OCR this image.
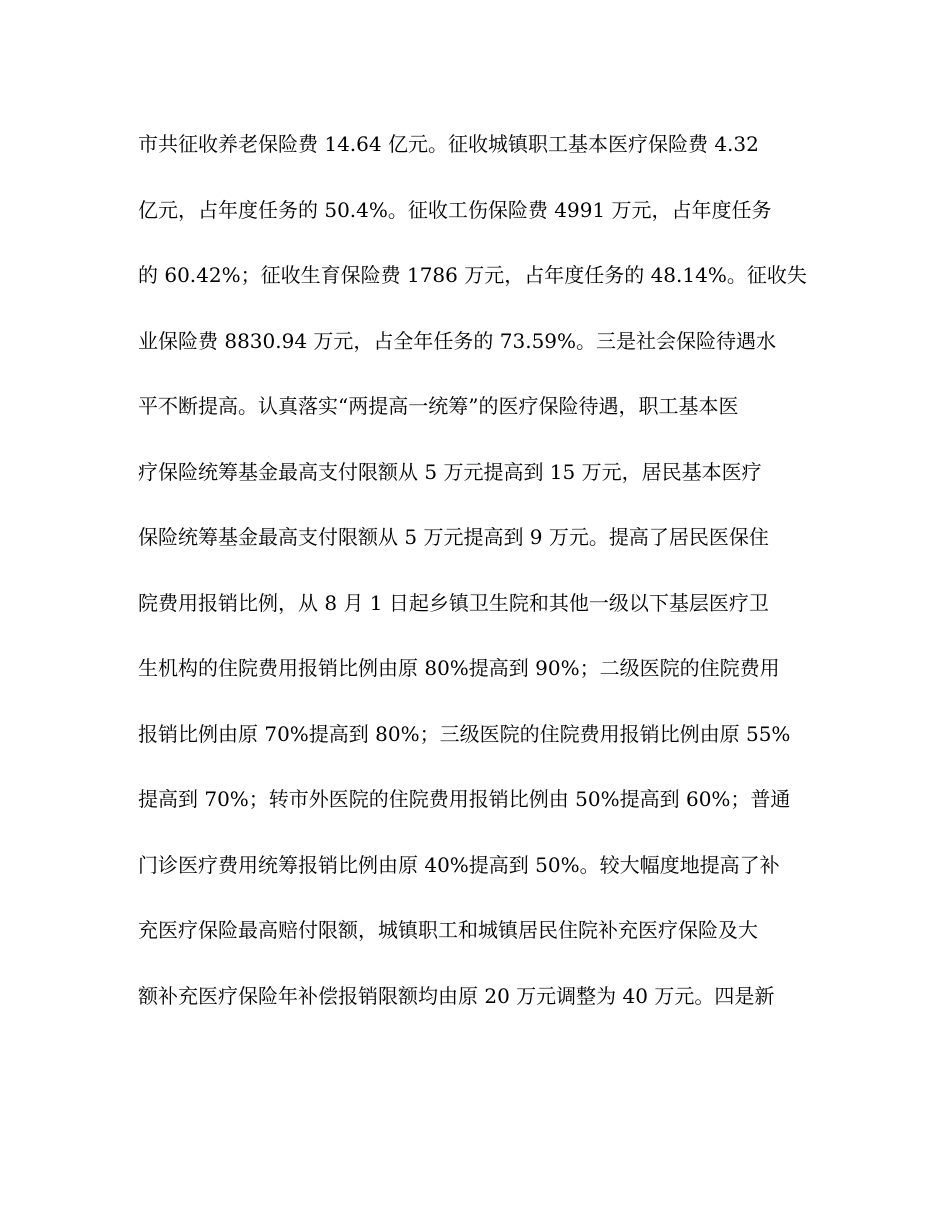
市共征收养老保险费 14.64 亿元。征收城镇职工基本医疗保险费 4.32
亿元，占年度任务的 50.4%。征收工伤保险费 4991 万元，占年度任务
的 60.42%；征收生育保险费 1786 万元，占年度任务的 48.14%。征收失
业保险费 8830.94 万元，占全年任务的 73.59%。三是社会保险待遇水
平不断提高。认真落实“两提高一统筹”的医疗保险待遇，职工基本医
疗保险统筹基金最高支付限额从 5 万元提高到 15 万元，居民基本医疗
保险统筹基金最高支付限额从 5 万元提高到 9 万元。提高了居民医保住
院费用报销比例，从 8 月 1 日起乡镇卫生院和其他一级以下基层医疗卫
生机构的住院费用报销比例由原 80%提高到 90%；二级医院的住院费用
报销比例由原 70%提高到 80%；三级医院的住院费用报销比例由原 55%
提高到 70%；转市外医院的住院费用报销比例由 50%提高到 60%；普通
门诊医疗费用统筹报销比例由原 40%提高到 50%。较大幅度地提高了补
充医疗保险最高赔付限额，城镇职工和城镇居民住院补充医疗保险及大
额补充医疗保险年补偿报销限额均由原 20 万元调整为 40 万元。四是新
